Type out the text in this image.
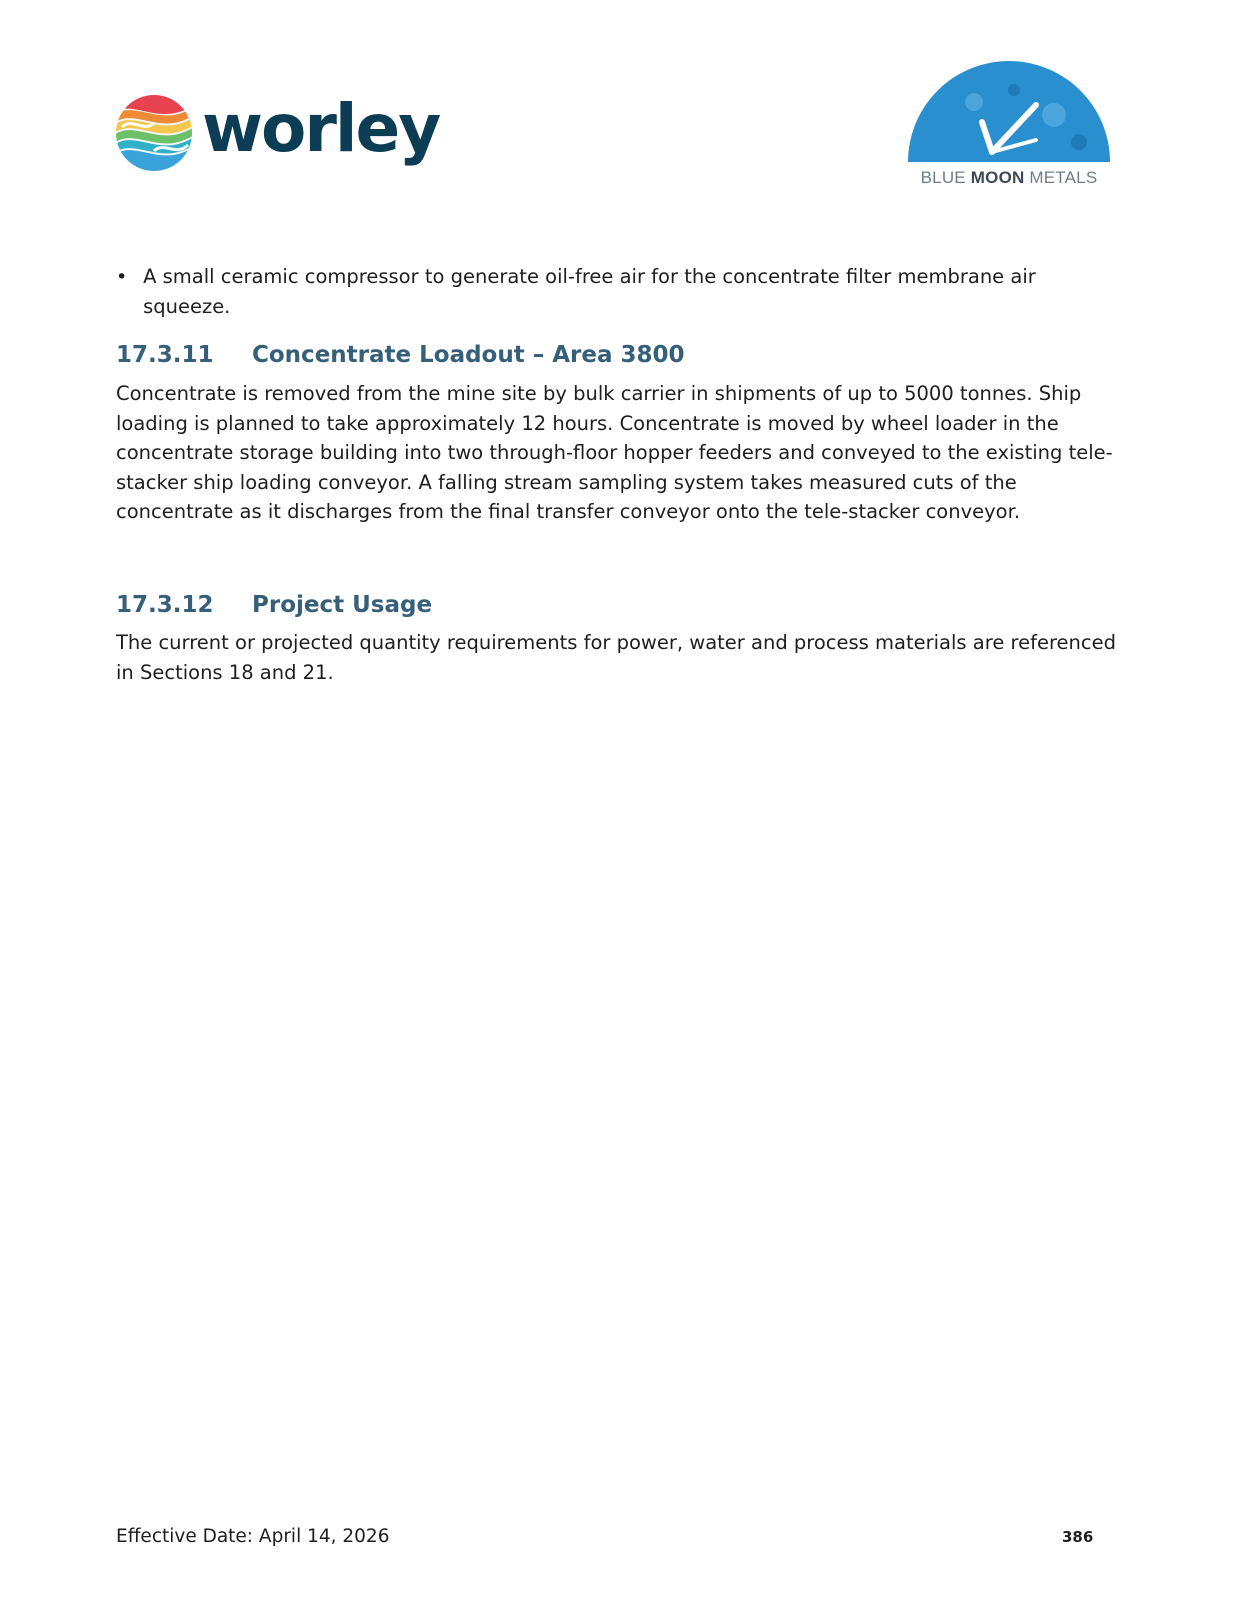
worley
BLUE MOON METALS
• A small ceramic compressor to generate oil-free air for the concentrate filter membrane air squeeze.
17.3.11	Concentrate Loadout – Area 3800
Concentrate is removed from the mine site by bulk carrier in shipments of up to 5000 tonnes. Ship loading is planned to take approximately 12 hours. Concentrate is moved by wheel loader in the concentrate storage building into two through-floor hopper feeders and conveyed to the existing tele-stacker ship loading conveyor. A falling stream sampling system takes measured cuts of the concentrate as it discharges from the final transfer conveyor onto the tele-stacker conveyor.
17.3.12	Project Usage
The current or projected quantity requirements for power, water and process materials are referenced in Sections 18 and 21.
Effective Date: April 14, 2026	386
